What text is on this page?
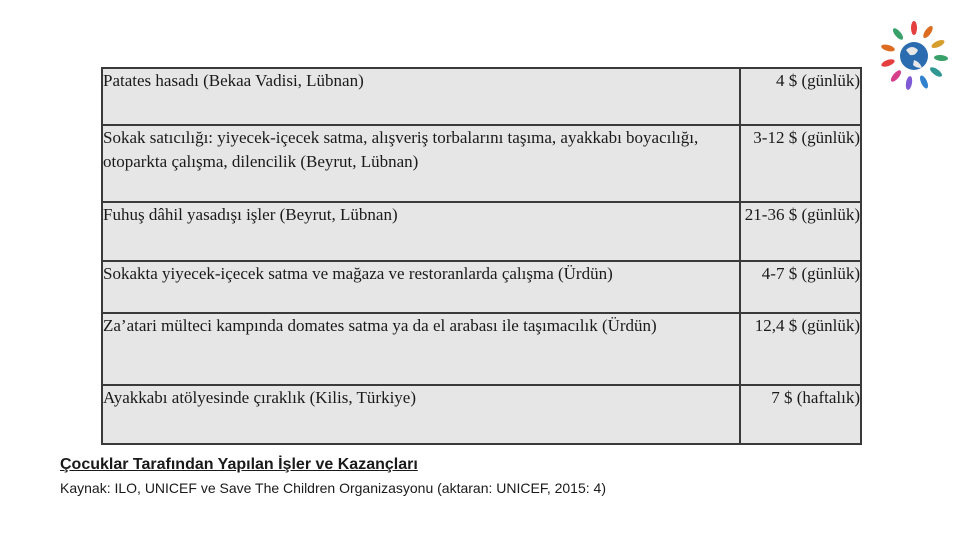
Patates hasadı (Bekaa Vadisi, Lübnan)	4 $ (günlük)
Sokak satıcılığı: yiyecek-içecek satma, alışveriş torbalarını taşıma, ayakkabı boyacılığı, otoparkta çalışma, dilencilik (Beyrut, Lübnan)	3-12 $ (günlük)
Fuhuş dâhil yasadışı işler (Beyrut, Lübnan)	21-36 $ (günlük)
Sokakta yiyecek-içecek satma ve mağaza ve restoranlarda çalışma (Ürdün)	4-7 $ (günlük)
Za’atari mülteci kampında domates satma ya da el arabası ile taşımacılık (Ürdün)	12,4 $ (günlük)
Ayakkabı atölyesinde çıraklık (Kilis, Türkiye)	7 $ (haftalık)
Çocuklar Tarafından Yapılan İşler ve Kazançları
Kaynak: ILO, UNICEF ve Save The Children Organizasyonu (aktaran: UNICEF, 2015: 4)
